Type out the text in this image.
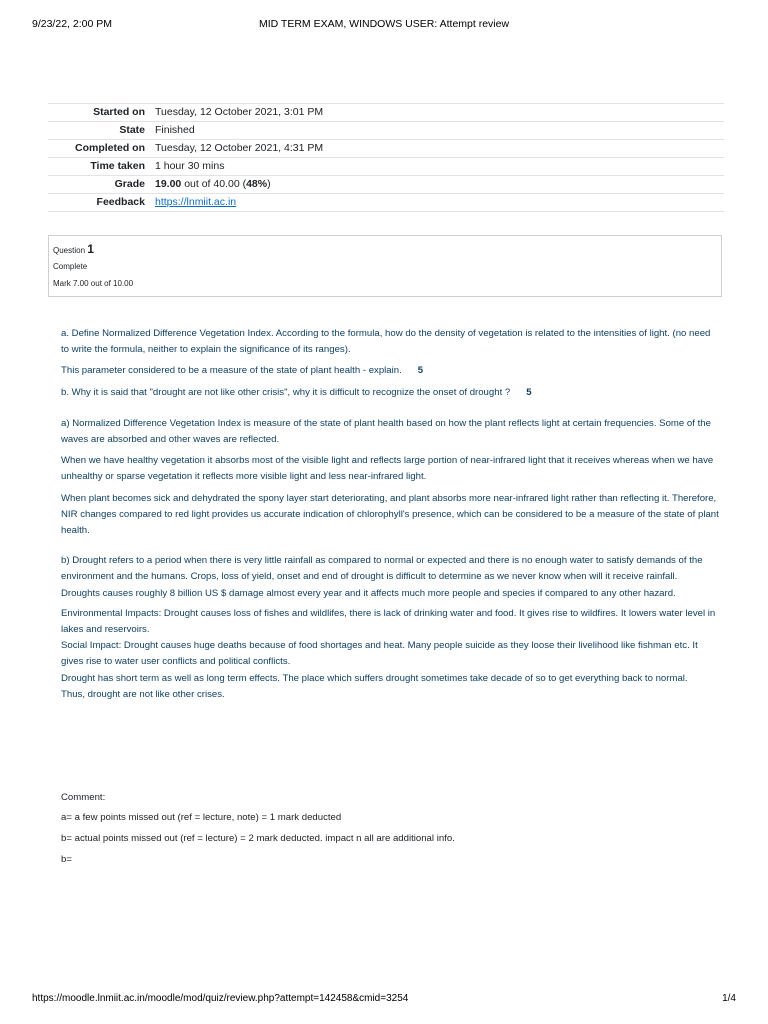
9/23/22, 2:00 PM	MID TERM EXAM, WINDOWS USER: Attempt review
Started on	Tuesday, 12 October 2021, 3:01 PM
State	Finished
Completed on	Tuesday, 12 October 2021, 4:31 PM
Time taken	1 hour 30 mins
Grade	19.00 out of 40.00 (48%)
Feedback	https://lnmiit.ac.in
Question 1
Complete
Mark 7.00 out of 10.00

a. Define Normalized Difference Vegetation Index. According to the formula, how do the density of vegetation is related to the intensities of light. (no need to write the formula, neither to explain the significance of its ranges).

This parameter considered to be a measure of the state of plant health - explain. 5

b. Why it is said that "drought are not like other crisis", why it is difficult to recognize the onset of drought ? 5

a) Normalized Difference Vegetation Index is measure of the state of plant health based on how the plant reflects light at certain frequencies. Some of the waves are absorbed and other waves are reflected.

When we have healthy vegetation it absorbs most of the visible light and reflects large portion of near-infrared light that it receives whereas when we have unhealthy or sparse vegetation it reflects more visible light and less near-infrared light.

When plant becomes sick and dehydrated the spony layer start deteriorating, and plant absorbs more near-infrared light rather than reflecting it. Therefore, NIR changes compared to red light provides us accurate indication of chlorophyll's presence, which can be considered to be a measure of the state of plant health.

b) Drought refers to a period when there is very little rainfall as compared to normal or expected and there is no enough water to satisfy demands of the environment and the humans. Crops, loss of yield, onset and end of drought is difficult to determine as we never know when will it receive rainfall.

Droughts causes roughly 8 billion US $ damage almost every year and it affects much more people and species if compared to any other hazard.

Environmental Impacts: Drought causes loss of fishes and wildlifes, there is lack of drinking water and food. It gives rise to wildfires. It lowers water level in lakes and reservoirs.

Social Impact: Drought causes huge deaths because of food shortages and heat. Many people suicide as they loose their livelihood like fishman etc. It gives rise to water user conflicts and political conflicts.

Drought has short term as well as long term effects. The place which suffers drought sometimes take decade of so to get everything back to normal.

Thus, drought are not like other crises.

Comment:

a= a few points missed out (ref = lecture, note) = 1 mark deducted

b= actual points missed out (ref = lecture) = 2 mark deducted. impact n all are additional info.

b=

https://moodle.lnmiit.ac.in/moodle/mod/quiz/review.php?attempt=142458&cmid=3254	1/4
